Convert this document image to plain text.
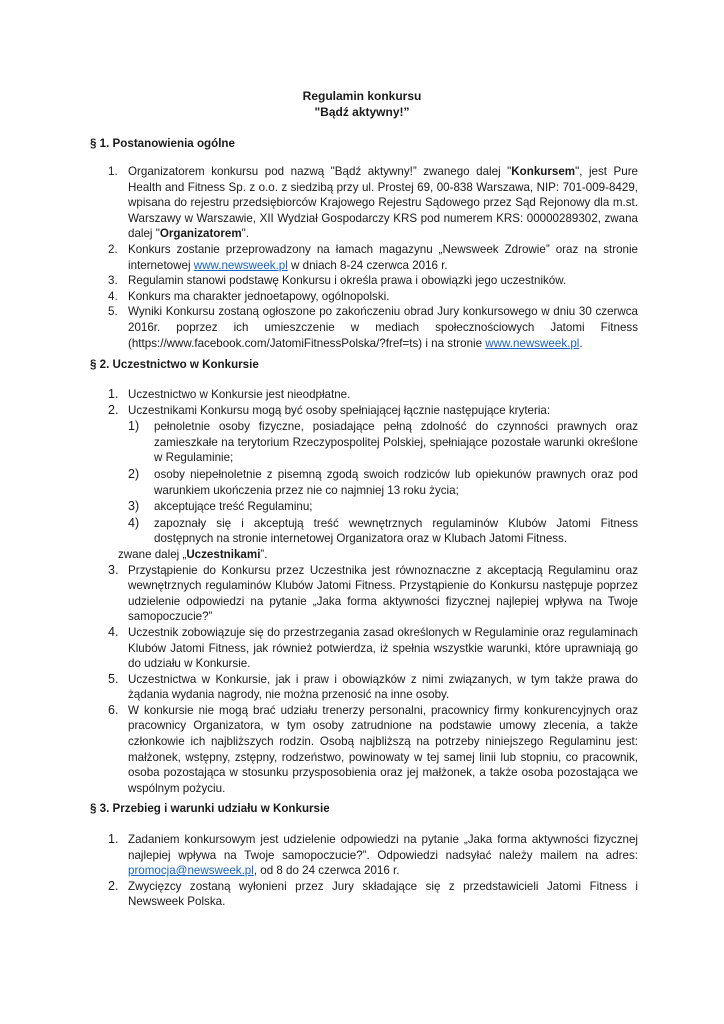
Regulamin konkursu
"Bądź aktywny!”
§ 1. Postanowienia ogólne
1. Organizatorem konkursu pod nazwą "Bądź aktywny!” zwanego dalej "Konkursem", jest Pure Health and Fitness Sp. z o.o. z siedzibą przy ul. Prostej 69, 00-838 Warszawa, NIP: 701-009-8429, wpisana do rejestru przedsiębiorców Krajowego Rejestru Sądowego przez Sąd Rejonowy dla m.st. Warszawy w Warszawie, XII Wydział Gospodarczy KRS pod numerem KRS: 00000289302, zwana dalej "Organizatorem".
2. Konkurs zostanie przeprowadzony na łamach magazynu „Newsweek Zdrowie” oraz na stronie internetowej www.newsweek.pl w dniach 8-24 czerwca 2016 r.
3. Regulamin stanowi podstawę Konkursu i określa prawa i obowiązki jego uczestników.
4. Konkurs ma charakter jednoetapowy, ogólnopolski.
5. Wyniki Konkursu zostaną ogłoszone po zakończeniu obrad Jury konkursowego w dniu 30 czerwca 2016r. poprzez ich umieszczenie w mediach społecznościowych Jatomi Fitness (https://www.facebook.com/JatomiFitnessPolska/?fref=ts) i na stronie www.newsweek.pl.
§ 2. Uczestnictwo w Konkursie
1. Uczestnictwo w Konkursie jest nieodpłatne.
2. Uczestnikami Konkursu mogą być osoby spełniającej łącznie następujące kryteria:
1) pełnoletnie osoby fizyczne, posiadające pełną zdolność do czynności prawnych oraz zamieszkałe na terytorium Rzeczypospolitej Polskiej, spełniające pozostałe warunki określone w Regulaminie;
2) osoby niepełnoletnie z pisemną zgodą swoich rodziców lub opiekunów prawnych oraz pod warunkiem ukończenia przez nie co najmniej 13 roku życia;
3) akceptujące treść Regulaminu;
4) zapoznały się i akceptują treść wewnętrznych regulaminów Klubów Jatomi Fitness dostępnych na stronie internetowej Organizatora oraz w Klubach Jatomi Fitness.
zwane dalej „Uczestnikami”.
3. Przystąpienie do Konkursu przez Uczestnika jest równoznaczne z akceptacją Regulaminu oraz wewnętrznych regulaminów Klubów Jatomi Fitness. Przystąpienie do Konkursu następuje poprzez udzielenie odpowiedzi na pytanie „Jaka forma aktywności fizycznej najlepiej wpływa na Twoje samopoczucie?”
4. Uczestnik zobowiązuje się do przestrzegania zasad określonych w Regulaminie oraz regulaminach Klubów Jatomi Fitness, jak również potwierdza, iż spełnia wszystkie warunki, które uprawniają go do udziału w Konkursie.
5. Uczestnictwa w Konkursie, jak i praw i obowiązków z nimi związanych, w tym także prawa do żądania wydania nagrody, nie można przenosić na inne osoby.
6. W konkursie nie mogą brać udziału trenerzy personalni, pracownicy firmy konkurencyjnych oraz pracownicy Organizatora, w tym osoby zatrudnione na podstawie umowy zlecenia, a także członkowie ich najbliższych rodzin. Osobą najbliższą na potrzeby niniejszego Regulaminu jest: małżonek, wstępny, zstępny, rodzeństwo, powinowaty w tej samej linii lub stopniu, co pracownik, osoba pozostająca w stosunku przysposobienia oraz jej małżonek, a także osoba pozostająca we wspólnym pożyciu.
§ 3. Przebieg i warunki udziału w Konkursie
1. Zadaniem konkursowym jest udzielenie odpowiedzi na pytanie „Jaka forma aktywności fizycznej najlepiej wpływa na Twoje samopoczucie?”. Odpowiedzi nadsyłać należy mailem na adres: promocja@newsweek.pl, od 8 do 24 czerwca 2016 r.
2. Zwycięzcy zostaną wyłonieni przez Jury składające się z przedstawicieli Jatomi Fitness i Newsweek Polska.
